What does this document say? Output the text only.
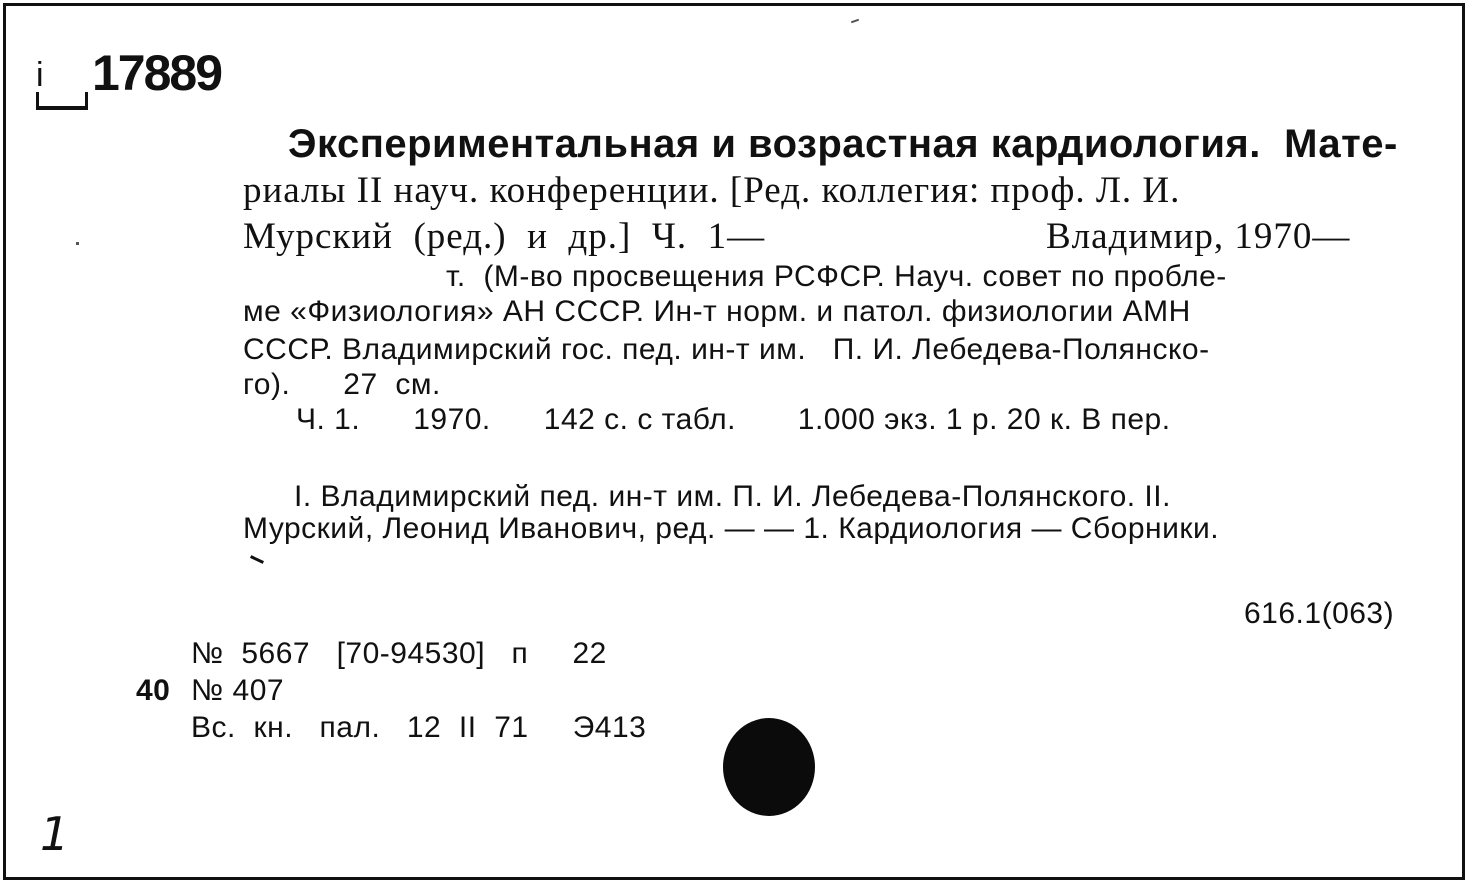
i 17889
Экспериментальная и возрастная кардиология.  Мате-
риалы II науч. конференции. [Ред. коллегия: проф. Л. И.
Мурский  (ред.)  и  др.]  Ч.  1—	Владимир, 1970—
т.  (М-во просвещения РСФСР. Науч. совет по пробле-
ме «Физиология» АН СССР. Ин-т норм. и патол. физиологии АМН
СССР. Владимирский гос. пед. ин-т им.   П. И. Лебедева-Полянско-
го).      27  см.
Ч. 1.      1970.      142 с. с табл.       1.000 экз. 1 р. 20 к. В пер.
I. Владимирский пед. ин-т им. П. И. Лебедева-Полянского. II.
Мурский, Леонид Иванович, ред. — — 1. Кардиология — Сборники.
616.1(063)
№  5667   [70-94530]   п     22
40 № 407
Вс.  кн.   пал.   12  II  71     Э413
1
